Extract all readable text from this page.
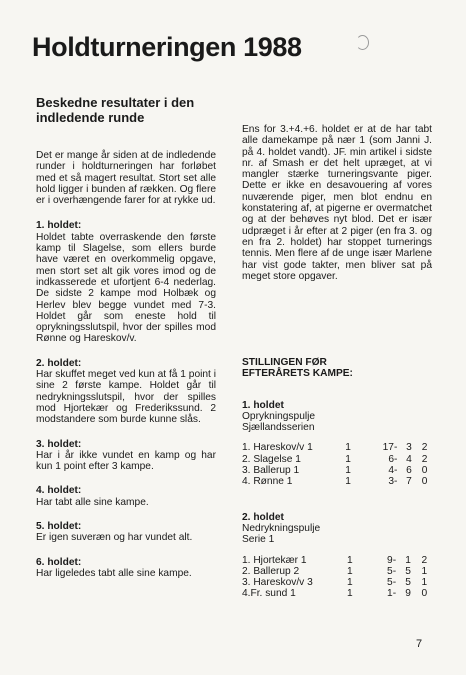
Holdturneringen 1988
Beskedne resultater i den indledende runde

Det er mange år siden at de indledende runder i holdturneringen har forløbet med et så magert resultat. Stort set alle hold ligger i bunden af rækken. Og flere er i overhængende farer for at rykke ud.

1. holdet:
Holdet tabte overraskende den første kamp til Slagelse, som ellers burde have været en overkommelig opgave, men stort set alt gik vores imod og de indkasserede et ufortjent 6-4 nederlag. De sidste 2 kampe mod Holbæk og Herlev blev begge vundet med 7-3. Holdet går som eneste hold til oprykningsslutspil, hvor der spilles mod Rønne og Hareskov/v.

2. holdet:
Har skuffet meget ved kun at få 1 point i sine 2 første kampe. Holdet går til nedrykningsslutspil, hvor der spilles mod Hjortekær og Frederikssund. 2 modstandere som burde kunne slås.

3. holdet:
Har i år ikke vundet en kamp og har kun 1 point efter 3 kampe.

4. holdet:
Har tabt alle sine kampe.

5. holdet:
Er igen suveræn og har vundet alt.

6. holdet:
Har ligeledes tabt alle sine kampe.

Ens for 3.+4.+6. holdet er at de har tabt alle damekampe på nær 1 (som Janni J. på 4. holdet vandt). JF. min artikel i sidste nr. af Smash er det helt upræget, at vi mangler stærke turneringsvante piger. Dette er ikke en desavouering af vores nuværende piger, men blot endnu en konstatering af, at pigerne er overmatchet og at der behøves nyt blod. Det er især udpræget i år efter at 2 piger (en fra 3. og en fra 2. holdet) har stoppet turnerings tennis. Men flere af de unge især Marlene har vist gode takter, men bliver sat på meget store opgaver.

STILLINGEN FØR
EFTERÅRETS KAMPE:

1. holdet

Oprykningspulje

Sjællandsserien

1. Hareskov/v 1	1	17-		3	2
2. Slagelse 1	1	6-		4	2
3. Ballerup 1	1	4-		6	0
4. Rønne 1	1	3-		7	0

2. holdet

Nedrykningspulje

Serie 1

1. Hjortekær 1	1	9-		1	2
2. Ballerup 2	1	5-		5	1
3. Hareskov/v 3	1	5-		5	1
4.Fr. sund 1	1	1-		9	0
7
